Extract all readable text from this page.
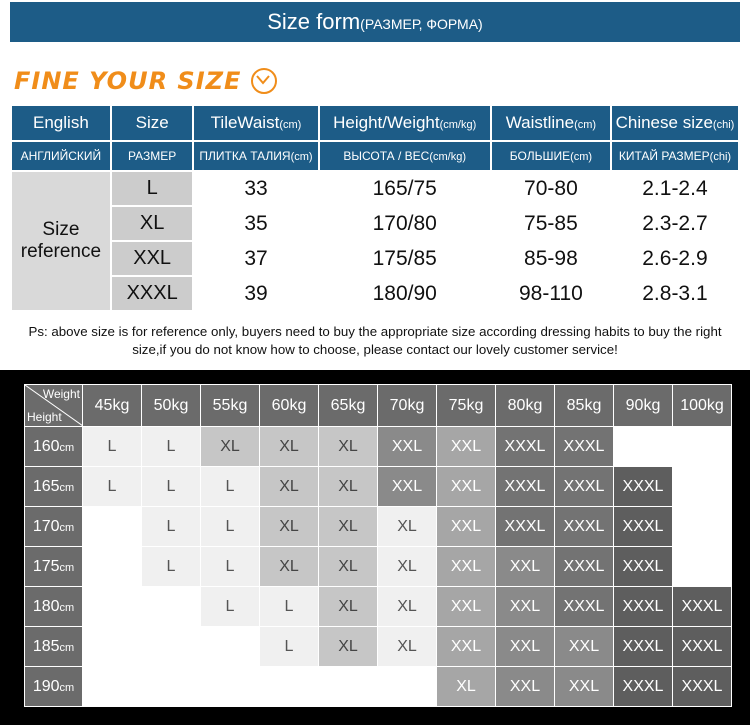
Size form(РАЗМЕР, ФОРМА)
FINE YOUR SIZE
English	Size	TileWaist(cm)	Height/Weight(cm/kg)	Waistline(cm)	Chinese size(chi)
АНГЛИЙСКИЙ	РАЗМЕР	ПЛИТКА ТАЛИЯ(cm)	ВЫСОТА / ВЕС(cm/kg)	БОЛЬШИЕ(cm)	КИТАЙ РАЗМЕР(chi)
Size reference	L	33	165/75	70-80	2.1-2.4
	XL	35	170/80	75-85	2.3-2.7
	XXL	37	175/85	85-98	2.6-2.9
	XXXL	39	180/90	98-110	2.8-3.1
Ps: above size is for reference only, buyers need to buy the appropriate size according dressing habits to buy the right size,if you do not know how to choose, please contact our lovely customer service!
Weight
Height	45kg	50kg	55kg	60kg	65kg	70kg	75kg	80kg	85kg	90kg	100kg
160cm	L	L	XL	XL	XL	XXL	XXL	XXXL	XXXL		
165cm	L	L	L	XL	XL	XXL	XXL	XXXL	XXXL	XXXL	
170cm		L	L	XL	XL	XL	XXL	XXXL	XXXL	XXXL	
175cm		L	L	XL	XL	XL	XXL	XXL	XXXL	XXXL	
180cm			L	L	XL	XL	XXL	XXL	XXXL	XXXL	XXXL
185cm				L	XL	XL	XXL	XXL	XXL	XXXL	XXXL
190cm							XL	XXL	XXL	XXXL	XXXL
